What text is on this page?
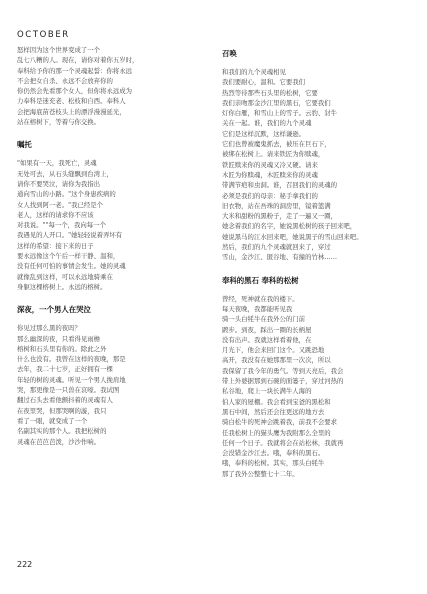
OCTOBER
怒样因为这个世界变成了一个
乱七八糟的人。现在，请你对着你五岁时，
奉科给予你的那一个灵魂起誓：你将永远
不会把女自杀、永远不会放弃你的
你仍然会先看那个女人，但你将永远成为
力奉科是迷充老、松枝和自西。奉科人
会把海底苗苍枝头上的漂浮漫漫延光，
站在榕树下，等着与你交换。
嘱托
"如果有一天，我死亡，灵魂
无处可去，从石头缝飘到台湾上，
请你不要哭泣，请你为我指出
通向雪山的小路。"这个身患疾病的
女人找到阿一老。"我已经是个
老人，这样的请求你不应该
对我说。""每一个，我向每一个
我遇见的人开口。"她轻轻说着弄坏有
这样的希望：接下来的日子
要永远像这个午后一样干静、温和，
没有任何可怕的事情会发生。她的灵魂
就像乱到这样，可以永远地骑乘在
身躯这棵榕树上。永远的榕树。
深夜，一个男人在哭泣
你见过那么黑的夜吗？
那么幽深的夜，只看得见雨檐
榕树和石头里有你的。除此之外
什么也没有。我曾在这样的夜晚，那是
去年，我二十七岁，正好拥有一棵
年轻的树的灵魂。听见一个男人挽肩地
哭，那更像是一只兽在哀嚎。我试图
翻过石头去看他颤抖着的灵魂有人
在夜里哭，但那哭啊的漩，我只
看了一眼，就变成了一个
名副其实的那个人。我把松树的
灵魂在芭芭芭泼，沙沙作响。
召唤
和我们的九个灵魂相见
我们要耐心，温和。它要我们
热烈等待那些石头里的松树，它要
我们亲吻那金沙江里的黑石，它要我们
灯你白雁，和雪山上的雪子。云豹、豺牛
关在一起。谁，我们的九个灵魂
它们是这样沉默，这样谦逊。
它们也曾被魔鬼抓去，被压在巨石下，
被绑在松树上。请来铁匠为你赎魂，
铁匠赎来你的灵魂又冷又硬。请来
木匠为你赎魂，木匠赎来你的灵魂
带满节疤和虫洞。谁，召回我们的灵魂的
必须是我们的母亲：秘手拿我们的
旧衣物，站在吾珠的洞房里，镜着篮满
大米和甜粉的黑粉子，走了一遍又一圈，
她念着我们的名字，她说黑松树的孩子回来吧，
她说黑马的江水回来吧，她说黑子的雪山回来吧。
然后，我们的九个灵魂就回来了，穿过
雪山，金沙江、匿谷地、有撞的竹林……
奉科的黑石 奉科的松树
曾经，死神就在我的楼下。
每天夜晚，我都能听见我
骑一头白牦牛在我外公的门前
踱步。到夜，踩出一圈的长柄屋
没有出声。我就这样看着他，在
月光下，他会来回门这个。又跳恐地
高开，我没有在她那那里一次次，所以
我保留了我今年的勇气。等到天亮后，我会
带上外婆据那到石碗的面篓子，穿过河热的
私谷地，爬上一块长满牛人海的
伯人家的屋棚。我会看到宝爸的黑松和
黑石中间，然后还会往更远的地方去
骑白松牛的死神会跳着我，前我不会要求
任我松树上的猫头鹰为我附那么全里的
任何一个日子。我就将会在站松林，我就再
会没错金沙江去。哦，奉科的黑石。
哦，奉科的松树。其实，那头白牦牛
那了我外公整整七十二年。
222
